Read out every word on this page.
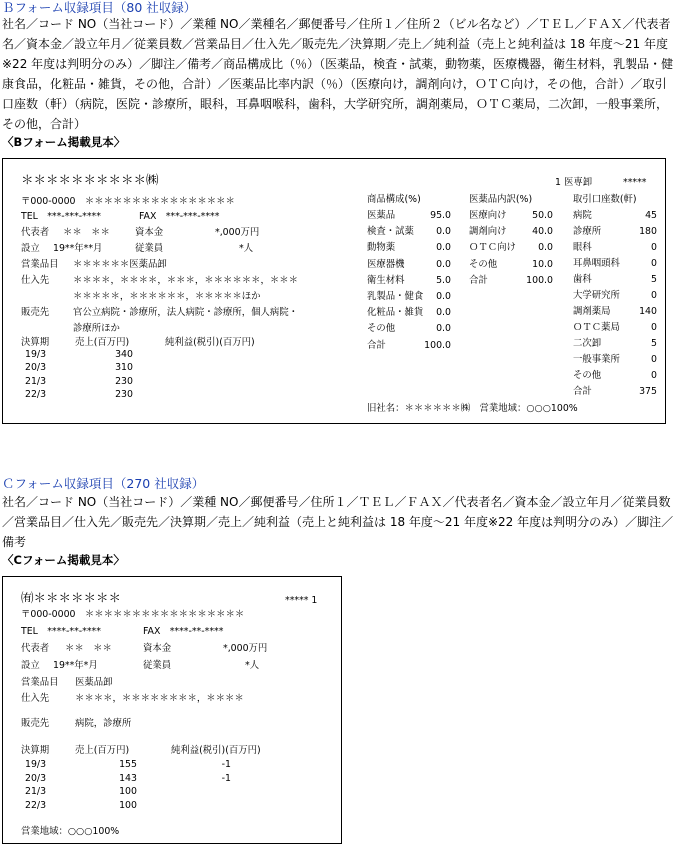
Ｂフォーム収録項目（80 社収録）
社名／コード NO（当社コード）／業種 NO／業種名／郵便番号／住所１／住所２（ビル名など）／ＴＥＬ／ＦＡＸ／代表者名／資本金／設立年月／従業員数／営業品目／仕入先／販売先／決算期／売上／純利益（売上と純利益は 18 年度～21 年度※22 年度は判明分のみ）／脚注／備考／商品構成比（％）（医薬品，検査・試薬，動物薬，医療機器，衛生材料，乳製品・健康食品，化粧品・雑貨，その他，合計）／医薬品比率内訳（％）（医療向け，調剤向け，ＯＴＣ向け，その他，合計）／取引口座数（軒）（病院，医院・診療所，眼科，耳鼻咽喉科，歯科，大学研究所，調剤薬局，ＯＴＣ薬局，二次卸，一般事業所，その他，合計）
〈Bフォーム掲載見本〉
＊＊＊＊＊＊＊＊＊＊㈱	1 医専卸	*****
〒000-0000　＊＊＊＊＊＊＊＊＊＊＊＊＊＊＊＊
TEL　***-***-****	FAX　***-***-****
代表者 ＊＊　＊＊	資本金	*,000万円
設立 19**年**月	従業員	*人
営業品目 ＊＊＊＊＊＊医薬品卸
仕入先	＊＊＊＊，＊＊＊＊，＊＊＊，＊＊＊＊＊＊，＊＊＊
＊＊＊＊＊，＊＊＊＊＊＊，＊＊＊＊＊ほか
販売先	官公立病院・診療所，法人病院・診療所，個人病院・
診療所ほか
決算期	売上(百万円)	純利益(税引)(百万円)
19/3	340
20/3	310
21/3	230
22/3	230
商品構成(%)
医薬品	95.0
検査・試薬	0.0
動物薬	0.0
医療器機	0.0
衛生材料	5.0
乳製品・健食	0.0
化粧品・雑貨	0.0
その他	0.0
合計	100.0
医薬品内訳(%)
医療向け	50.0
調剤向け	40.0
ＯＴＣ向け	0.0
その他	10.0
合計	100.0
取引口座数(軒)
病院	45
診療所	180
眼科	0
耳鼻咽頭科	0
歯科	5
大学研究所	0
調剤薬局	140
ＯＴＣ薬局	0
二次卸	5
一般事業所	0
その他	0
合計	375
旧社名：＊＊＊＊＊＊㈱　営業地域：○○○100%
Ｃフォーム収録項目（270 社収録）
社名／コード NO（当社コード）／業種 NO／郵便番号／住所１／ＴＥＬ／ＦＡＸ／代表者名／資本金／設立年月／従業員数／営業品目／仕入先／販売先／決算期／売上／純利益（売上と純利益は 18 年度～21 年度※22 年度は判明分のみ）／脚注／備考
〈Cフォーム掲載見本〉
㈲＊＊＊＊＊＊＊	***** 1
〒000-0000　＊＊＊＊＊＊＊＊＊＊＊＊＊＊＊＊＊
TEL　****-**-****	FAX　****-**-****
代表者 ＊＊　＊＊	資本金	*,000万円
設立 19**年*月	従業員	*人
営業品目 医薬品卸
仕入先	＊＊＊＊，＊＊＊＊＊＊＊＊，＊＊＊＊
販売先	病院，診療所
決算期	売上(百万円)	純利益(税引)(百万円)
19/3	155	-1
20/3	143	-1
21/3	100
22/3	100
営業地域：○○○100%
